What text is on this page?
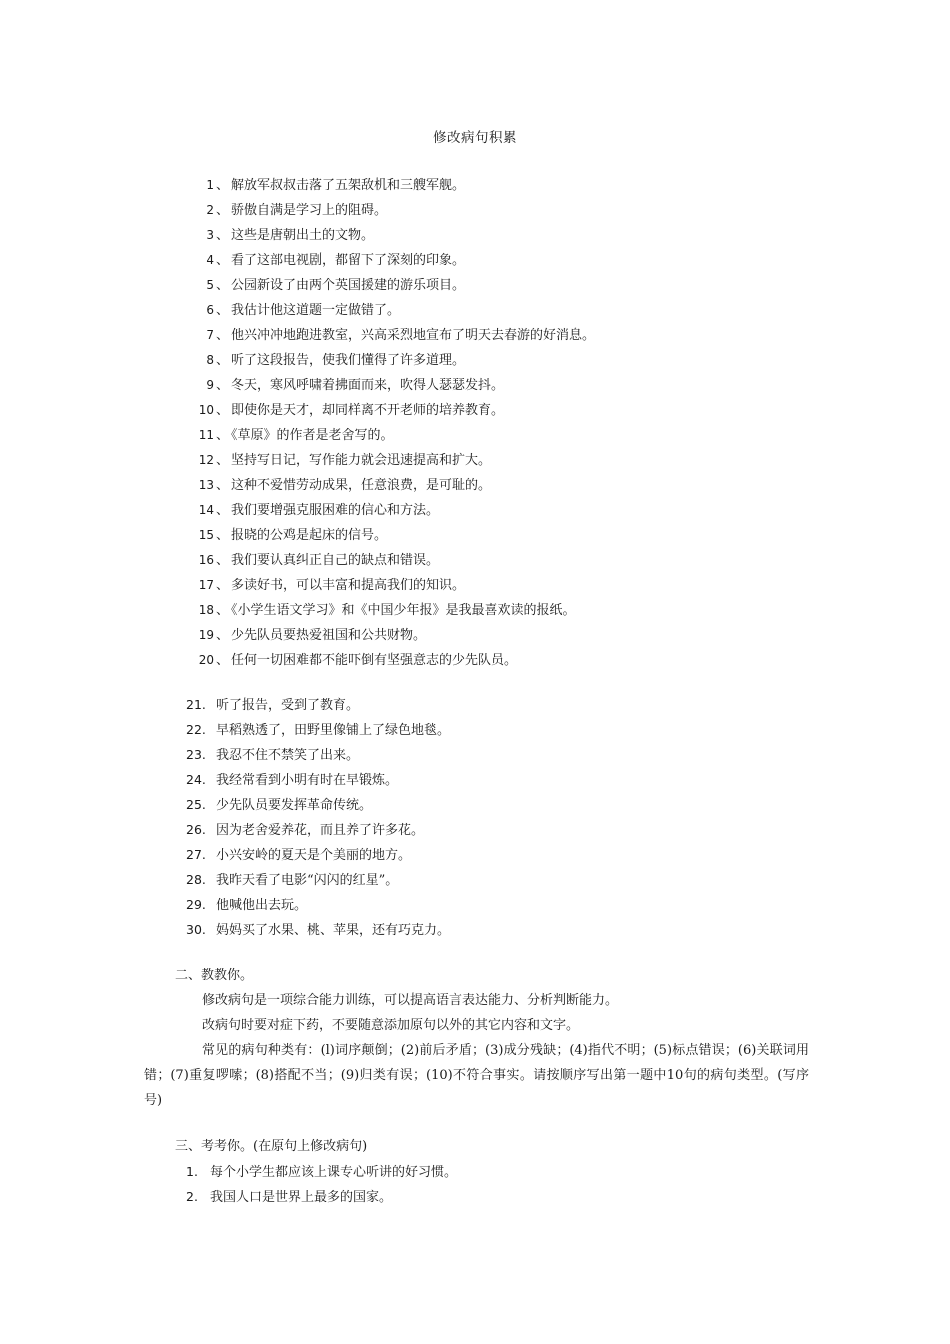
修改病句积累
1 、 解放军叔叔击落了五架敌机和三艘军舰。
2 、 骄傲自满是学习上的阻碍。
3 、 这些是唐朝出土的文物。
4 、 看了这部电视剧，都留下了深刻的印象。
5 、 公园新设了由两个英国援建的游乐项目。
6 、 我估计他这道题一定做错了。
7 、 他兴冲冲地跑进教室，兴高采烈地宣布了明天去春游的好消息。
8 、 听了这段报告，使我们懂得了许多道理。
9 、 冬天，寒风呼啸着拂面而来，吹得人瑟瑟发抖。
10 、 即使你是天才，却同样离不开老师的培养教育。
11 、 《草原》的作者是老舍写的。
12 、 坚持写日记，写作能力就会迅速提高和扩大。
13 、 这种不爱惜劳动成果，任意浪费，是可耻的。
14 、 我们要增强克服困难的信心和方法。
15 、 报晓的公鸡是起床的信号。
16 、 我们要认真纠正自己的缺点和错误。
17 、 多读好书，可以丰富和提高我们的知识。
18 、 《小学生语文学习》和《中国少年报》是我最喜欢读的报纸。
19 、 少先队员要热爱祖国和公共财物。
20 、 任何一切困难都不能吓倒有坚强意志的少先队员。
21. 听了报告，受到了教育。
22. 早稻熟透了，田野里像铺上了绿色地毯。
23. 我忍不住不禁笑了出来。
24. 我经常看到小明有时在早锻炼。
25. 少先队员要发挥革命传统。
26. 因为老舍爱养花，而且养了许多花。
27. 小兴安岭的夏天是个美丽的地方。
28. 我昨天看了电影“闪闪的红星”。
29. 他喊他出去玩。
30. 妈妈买了水果、桃、苹果，还有巧克力。
二、教教你。
修改病句是一项综合能力训练，可以提高语言表达能力、分析判断能力。
改病句时要对症下药，不要随意添加原句以外的其它内容和文字。
常见的病句种类有：(l)词序颠倒；(2)前后矛盾；(3)成分残缺；(4)指代不明；(5)标点错误；(6)关联词用错；(7)重复啰嗦；(8)搭配不当；(9)归类有误；(10)不符合事实。请按顺序写出第一题中10句的病句类型。(写序号)
三、考考你。(在原句上修改病句)
1. 每个小学生都应该上课专心听讲的好习惯。
2. 我国人口是世界上最多的国家。
